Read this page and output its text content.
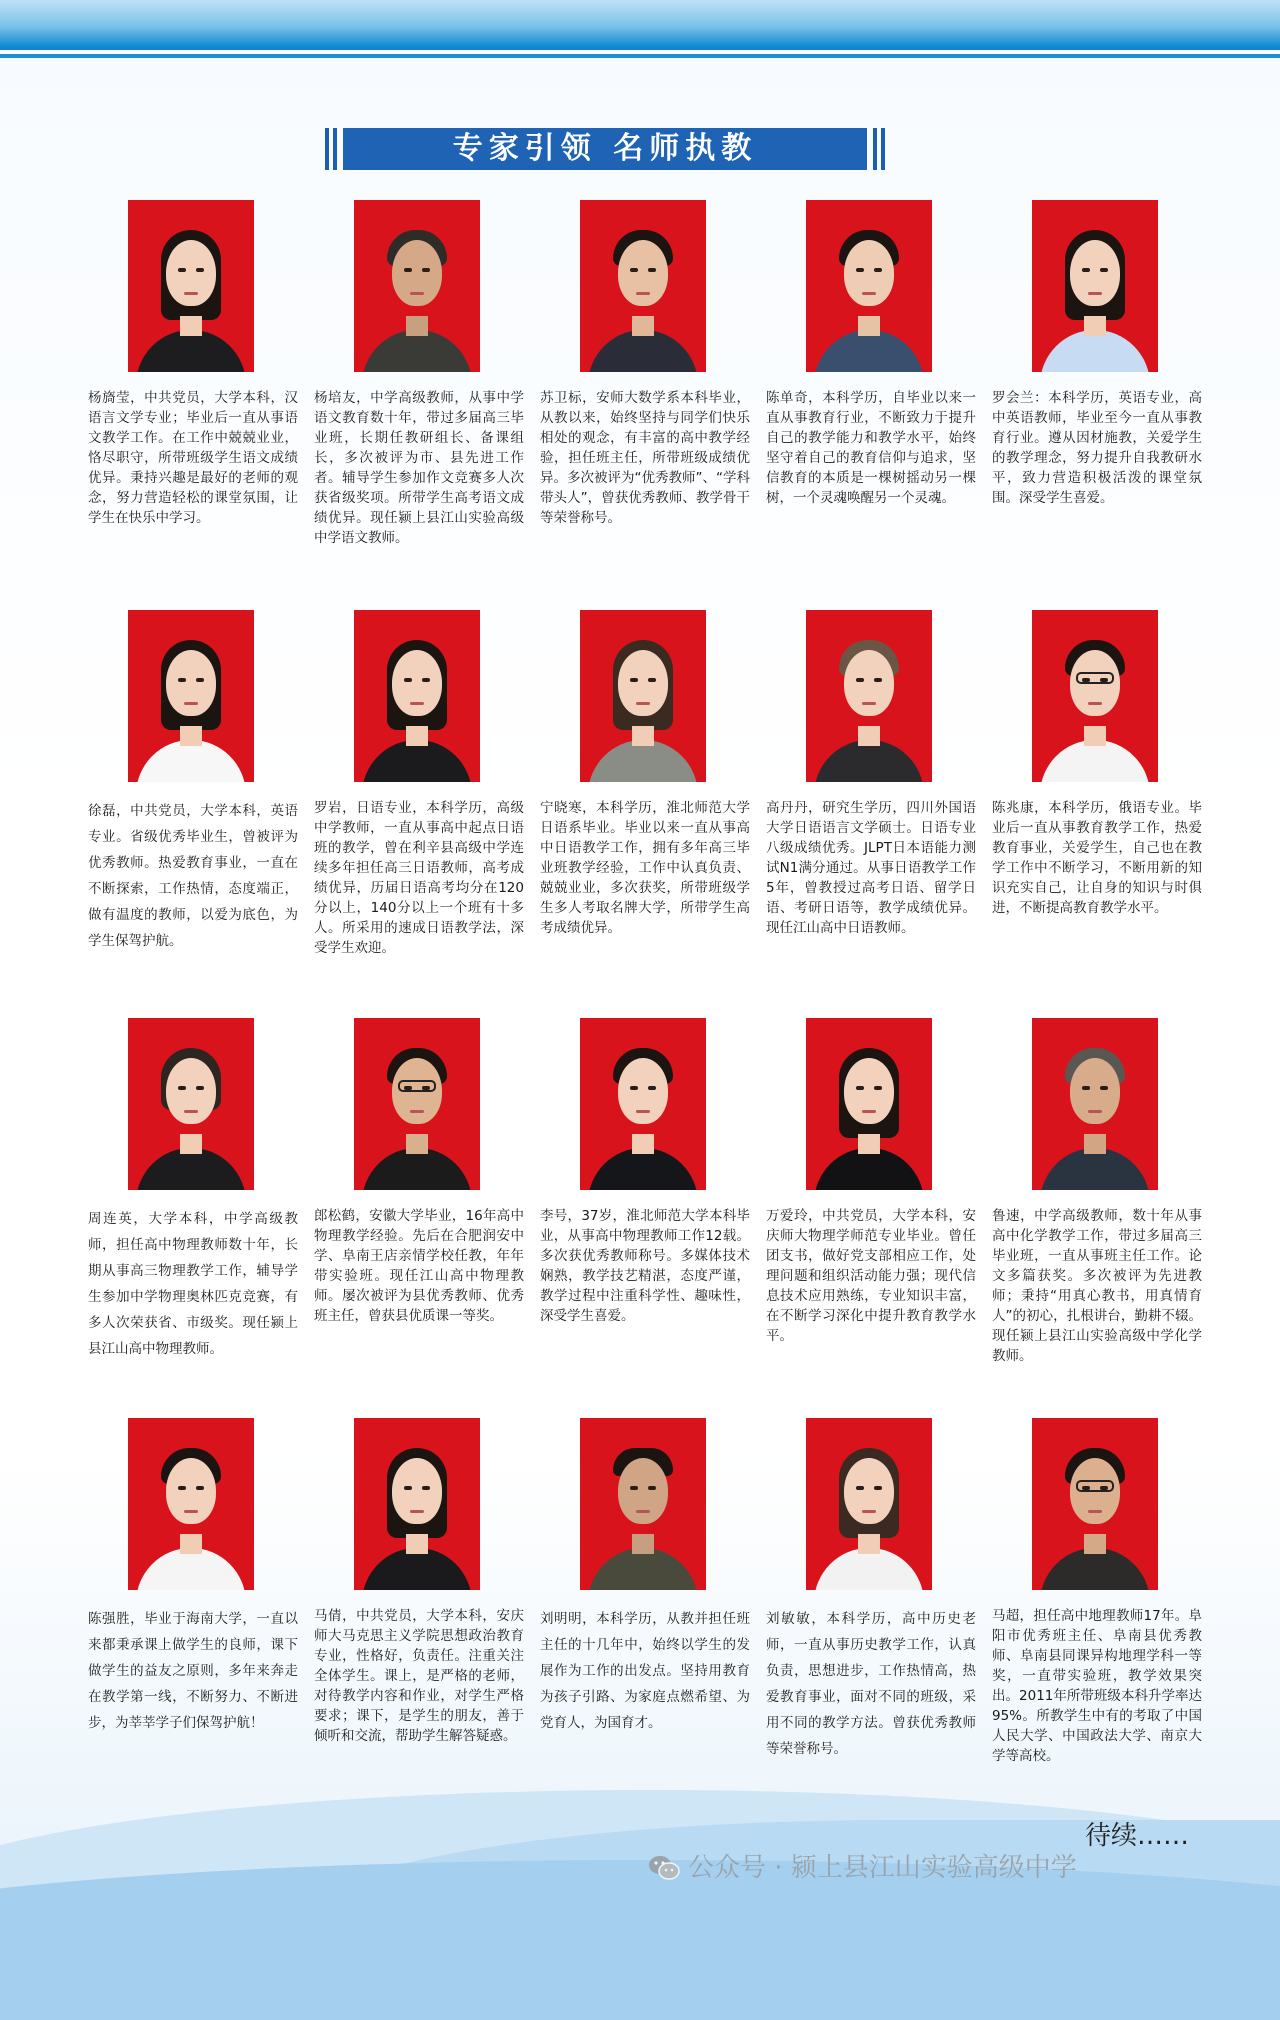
专家引领 名师执教
杨旖莹，中共党员，大学本科，汉语言文学专业；毕业后一直从事语文教学工作。在工作中兢兢业业，恪尽职守，所带班级学生语文成绩优异。秉持兴趣是最好的老师的观念，努力营造轻松的课堂氛围，让学生在快乐中学习。
杨培友，中学高级教师，从事中学语文教育数十年，带过多届高三毕业班，长期任教研组长、备课组长，多次被评为市、县先进工作者。辅导学生参加作文竞赛多人次获省级奖项。所带学生高考语文成绩优异。现任颍上县江山实验高级中学语文教师。
苏卫标，安师大数学系本科毕业，从教以来，始终坚持与同学们快乐相处的观念，有丰富的高中教学经验，担任班主任，所带班级成绩优异。多次被评为“优秀教师”、“学科带头人”，曾获优秀教师、教学骨干等荣誉称号。
陈单奇，本科学历，自毕业以来一直从事教育行业，不断致力于提升自己的教学能力和教学水平，始终坚守着自己的教育信仰与追求，坚信教育的本质是一棵树摇动另一棵树，一个灵魂唤醒另一个灵魂。
罗会兰：本科学历，英语专业，高中英语教师，毕业至今一直从事教育行业。遵从因材施教，关爱学生的教学理念，努力提升自我教研水平，致力营造积极活泼的课堂氛围。深受学生喜爱。
徐磊，中共党员，大学本科，英语专业。省级优秀毕业生，曾被评为优秀教师。热爱教育事业，一直在不断探索，工作热情，态度端正，做有温度的教师，以爱为底色，为学生保驾护航。
罗岩，日语专业，本科学历，高级中学教师，一直从事高中起点日语班的教学，曾在利辛县高级中学连续多年担任高三日语教师，高考成绩优异，历届日语高考均分在120分以上，140分以上一个班有十多人。所采用的速成日语教学法，深受学生欢迎。
宁晓寒，本科学历，淮北师范大学日语系毕业。毕业以来一直从事高中日语教学工作，拥有多年高三毕业班教学经验，工作中认真负责、兢兢业业，多次获奖，所带班级学生多人考取名牌大学，所带学生高考成绩优异。
高丹丹，研究生学历，四川外国语大学日语语言文学硕士。日语专业八级成绩优秀。JLPT日本语能力测试N1满分通过。从事日语教学工作5年，曾教授过高考日语、留学日语、考研日语等，教学成绩优异。现任江山高中日语教师。
陈兆康，本科学历，俄语专业。毕业后一直从事教育教学工作，热爱教育事业，关爱学生，自己也在教学工作中不断学习，不断用新的知识充实自己，让自身的知识与时俱进，不断提高教育教学水平。
周连英，大学本科，中学高级教师，担任高中物理教师数十年，长期从事高三物理教学工作，辅导学生参加中学物理奥林匹克竞赛，有多人次荣获省、市级奖。现任颍上县江山高中物理教师。
郎松鹤，安徽大学毕业，16年高中物理教学经验。先后在合肥润安中学、阜南王店亲情学校任教，年年带实验班。现任江山高中物理教师。屡次被评为县优秀教师、优秀班主任，曾获县优质课一等奖。
李号，37岁，淮北师范大学本科毕业，从事高中物理教师工作12载。多次获优秀教师称号。多媒体技术娴熟，教学技艺精湛，态度严谨，教学过程中注重科学性、趣味性，深受学生喜爱。
万爱玲，中共党员，大学本科，安庆师大物理学师范专业毕业。曾任团支书，做好党支部相应工作，处理问题和组织活动能力强；现代信息技术应用熟练，专业知识丰富，在不断学习深化中提升教育教学水平。
鲁速，中学高级教师，数十年从事高中化学教学工作，带过多届高三毕业班，一直从事班主任工作。论文多篇获奖。多次被评为先进教师；秉持“用真心教书，用真情育人”的初心，扎根讲台，勤耕不辍。现任颍上县江山实验高级中学化学教师。
陈强胜，毕业于海南大学，一直以来都秉承课上做学生的良师，课下做学生的益友之原则，多年来奔走在教学第一线，不断努力、不断进步，为莘莘学子们保驾护航！
马倩，中共党员，大学本科，安庆师大马克思主义学院思想政治教育专业，性格好，负责任。注重关注全体学生。课上，是严格的老师，对待教学内容和作业，对学生严格要求；课下，是学生的朋友，善于倾听和交流，帮助学生解答疑惑。
刘明明，本科学历，从教并担任班主任的十几年中，始终以学生的发展作为工作的出发点。坚持用教育为孩子引路、为家庭点燃希望、为党育人，为国育才。
刘敏敏，本科学历，高中历史老师，一直从事历史教学工作，认真负责，思想进步，工作热情高，热爱教育事业，面对不同的班级，采用不同的教学方法。曾获优秀教师等荣誉称号。
马超，担任高中地理教师17年。阜阳市优秀班主任、阜南县优秀教师、阜南县同课异构地理学科一等奖，一直带实验班，教学效果突出。2011年所带班级本科升学率达95%。所教学生中有的考取了中国人民大学、中国政法大学、南京大学等高校。
待续……
公众号 · 颍上县江山实验高级中学
